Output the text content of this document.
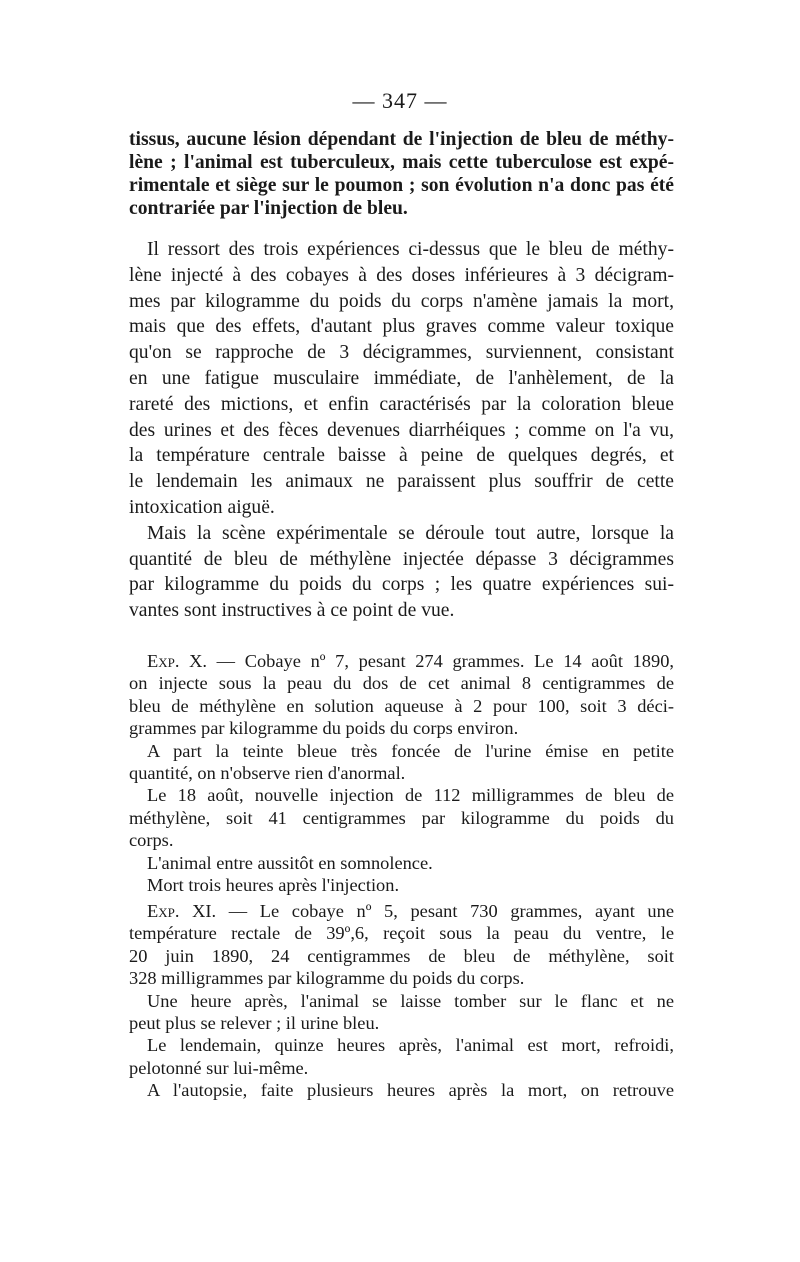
— 347 —

tissus, aucune lésion dépendant de l'injection de bleu de méthy-

lène ; l'animal est tuberculeux, mais cette tuberculose est expé-

rimentale et siège sur le poumon ; son évolution n'a donc pas été

contrariée par l'injection de bleu.

Il ressort des trois expériences ci-dessus que le bleu de méthy-

lène injecté à des cobayes à des doses inférieures à 3 décigram-

mes par kilogramme du poids du corps n'amène jamais la mort,

mais que des effets, d'autant plus graves comme valeur toxique

qu'on se rapproche de 3 décigrammes, surviennent, consistant

en une fatigue musculaire immédiate, de l'anhèlement, de la

rareté des mictions, et enfin caractérisés par la coloration bleue

des urines et des fèces devenues diarrhéiques ; comme on l'a vu,

la température centrale baisse à peine de quelques degrés, et

le lendemain les animaux ne paraissent plus souffrir de cette

intoxication aiguë.

Mais la scène expérimentale se déroule tout autre, lorsque la

quantité de bleu de méthylène injectée dépasse 3 décigrammes

par kilogramme du poids du corps ; les quatre expériences sui-

vantes sont instructives à ce point de vue.

Exp. X. — Cobaye nº 7, pesant 274 grammes. Le 14 août 1890,

on injecte sous la peau du dos de cet animal 8 centigrammes de

bleu de méthylène en solution aqueuse à 2 pour 100, soit 3 déci-

grammes par kilogramme du poids du corps environ.

A part la teinte bleue très foncée de l'urine émise en petite

quantité, on n'observe rien d'anormal.

Le 18 août, nouvelle injection de 112 milligrammes de bleu de

méthylène, soit 41 centigrammes par kilogramme du poids du

corps.

L'animal entre aussitôt en somnolence.

Mort trois heures après l'injection.

Exp. XI. — Le cobaye nº 5, pesant 730 grammes, ayant une

température rectale de 39º,6, reçoit sous la peau du ventre, le

20 juin 1890, 24 centigrammes de bleu de méthylène, soit

328 milligrammes par kilogramme du poids du corps.

Une heure après, l'animal se laisse tomber sur le flanc et ne

peut plus se relever ; il urine bleu.

Le lendemain, quinze heures après, l'animal est mort, refroidi,

pelotonné sur lui-même.

A l'autopsie, faite plusieurs heures après la mort, on retrouve
